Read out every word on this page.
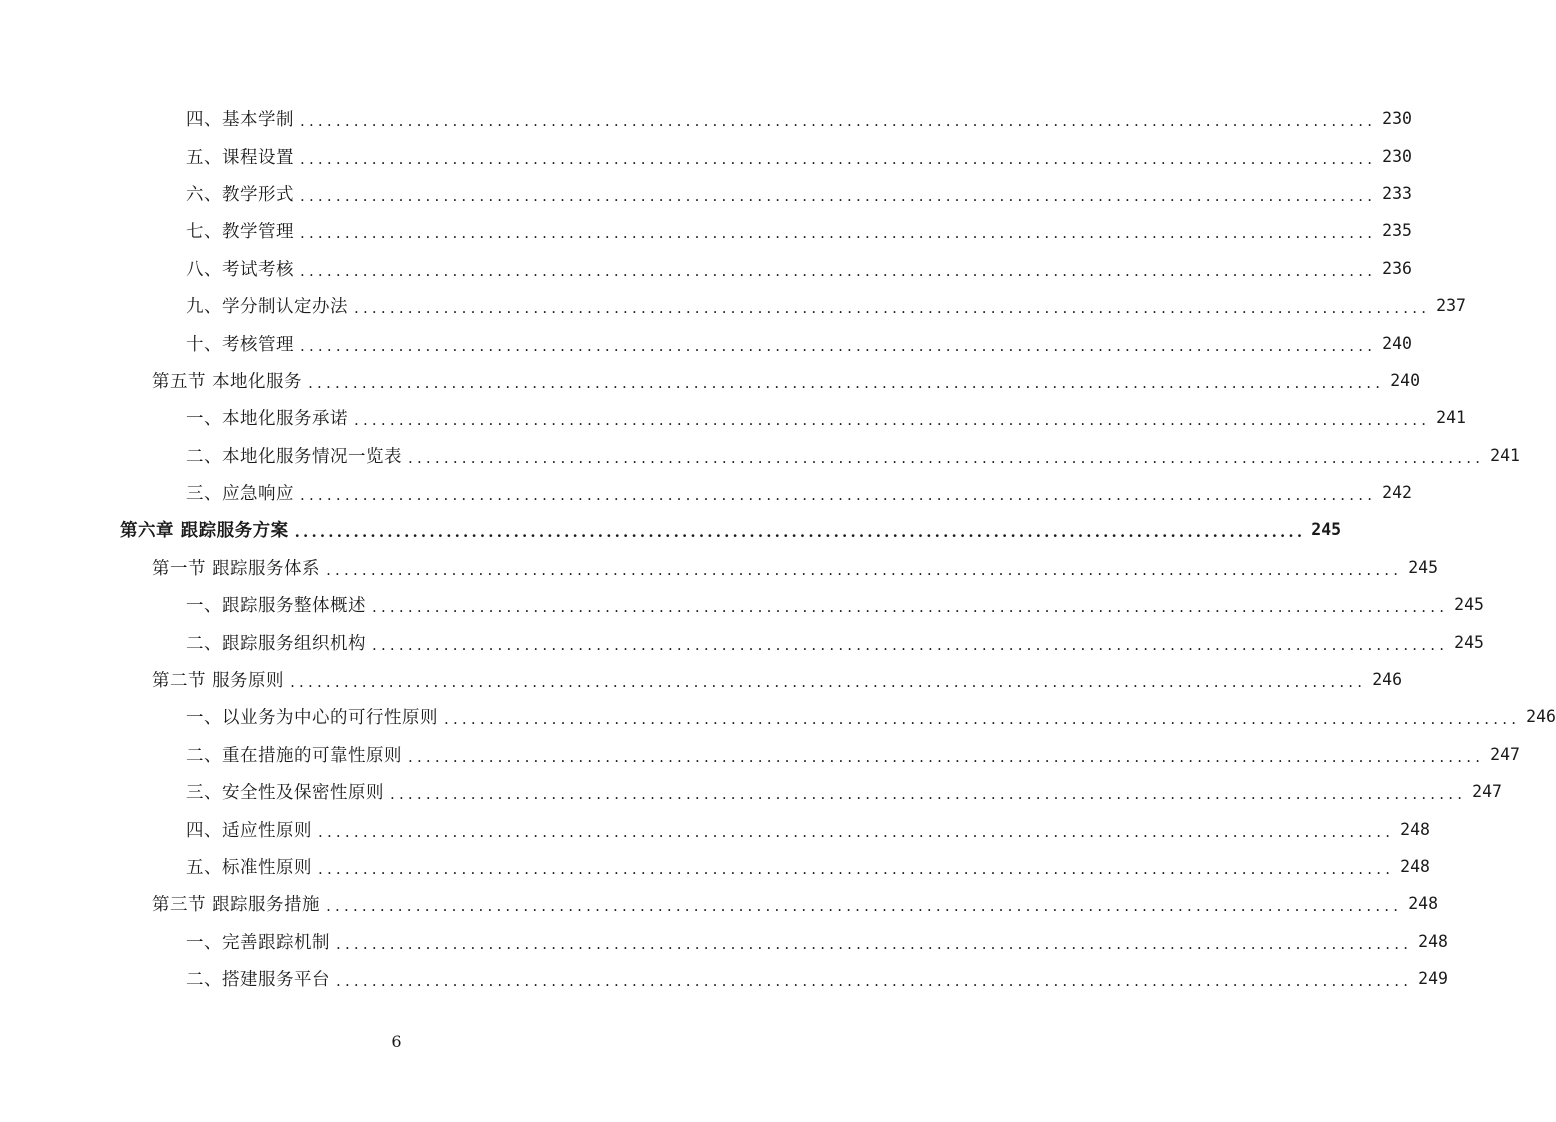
四、基本学制 ........................................................................................................................ 230
五、课程设置 ........................................................................................................................ 230
六、教学形式 ........................................................................................................................ 233
七、教学管理 ........................................................................................................................ 235
八、考试考核 ........................................................................................................................ 236
九、学分制认定办法 ........................................................................................................................ 237
十、考核管理 ........................................................................................................................ 240
第五节 本地化服务 ........................................................................................................................ 240
一、本地化服务承诺 ........................................................................................................................ 241
二、本地化服务情况一览表 ........................................................................................................................ 241
三、应急响应 ........................................................................................................................ 242
第六章 跟踪服务方案 ........................................................................................................................ 245
第一节 跟踪服务体系 ........................................................................................................................ 245
一、跟踪服务整体概述 ........................................................................................................................ 245
二、跟踪服务组织机构 ........................................................................................................................ 245
第二节 服务原则 ........................................................................................................................ 246
一、以业务为中心的可行性原则 ........................................................................................................................ 246
二、重在措施的可靠性原则 ........................................................................................................................ 247
三、安全性及保密性原则 ........................................................................................................................ 247
四、适应性原则 ........................................................................................................................ 248
五、标准性原则 ........................................................................................................................ 248
第三节 跟踪服务措施 ........................................................................................................................ 248
一、完善跟踪机制 ........................................................................................................................ 248
二、搭建服务平台 ........................................................................................................................ 249
6
